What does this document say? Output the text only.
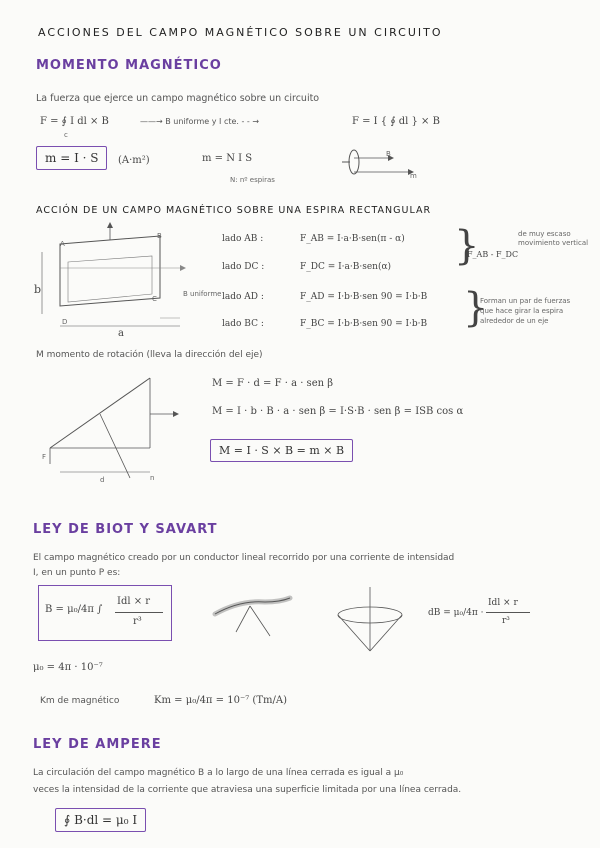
ACCIONES DEL CAMPO MAGNÉTICO SOBRE UN CIRCUITO
MOMENTO MAGNÉTICO
La fuerza que ejerce un campo magnético sobre un circuito
F = ∮ I dl × B
c
——→ B uniforme y I cte. - - →	F = I { ∮ dl } × B
m = I · S	(A·m²)	m = N I S
N: nº espiras
B
m
ACCIÓN DE UN CAMPO MAGNÉTICO SOBRE UNA ESPIRA RECTANGULAR
A
B
C
D
b
a
B uniforme
lado AB :	F_AB = I·a·B·sen(π - α)
lado DC :	F_DC = I·a·B·sen(α)
lado AD :	F_AD = I·b·B·sen 90 = I·b·B
lado BC :	F_BC = I·b·B·sen 90 = I·b·B
}
F_AB - F_DC
de muy escaso movimiento vertical
}
Forman un par de fuerzas que hace girar la espira alrededor de un eje
M momento de rotación (lleva la dirección del eje)
F
d	n
M = F · d = F · a · sen β
M = I · b · B · a · sen β = I·S·B · sen β = ISB cos α
M = I · S × B = m × B
LEY DE BIOT Y SAVART
El campo magnético creado por un conductor lineal recorrido por una corriente de intensidad
I, en un punto P es:
B = μ₀/4π ∫
Idl × r
r³
dB = μ₀/4π ·
Idl × r
r³
μ₀ = 4π · 10⁻⁷
Km de magnético	Km = μ₀/4π = 10⁻⁷ (Tm/A)
LEY DE AMPERE
La circulación del campo magnético B a lo largo de una línea cerrada es igual a μ₀
veces la intensidad de la corriente que atraviesa una superficie limitada por una línea cerrada.
∮ B·dl = μ₀ I
